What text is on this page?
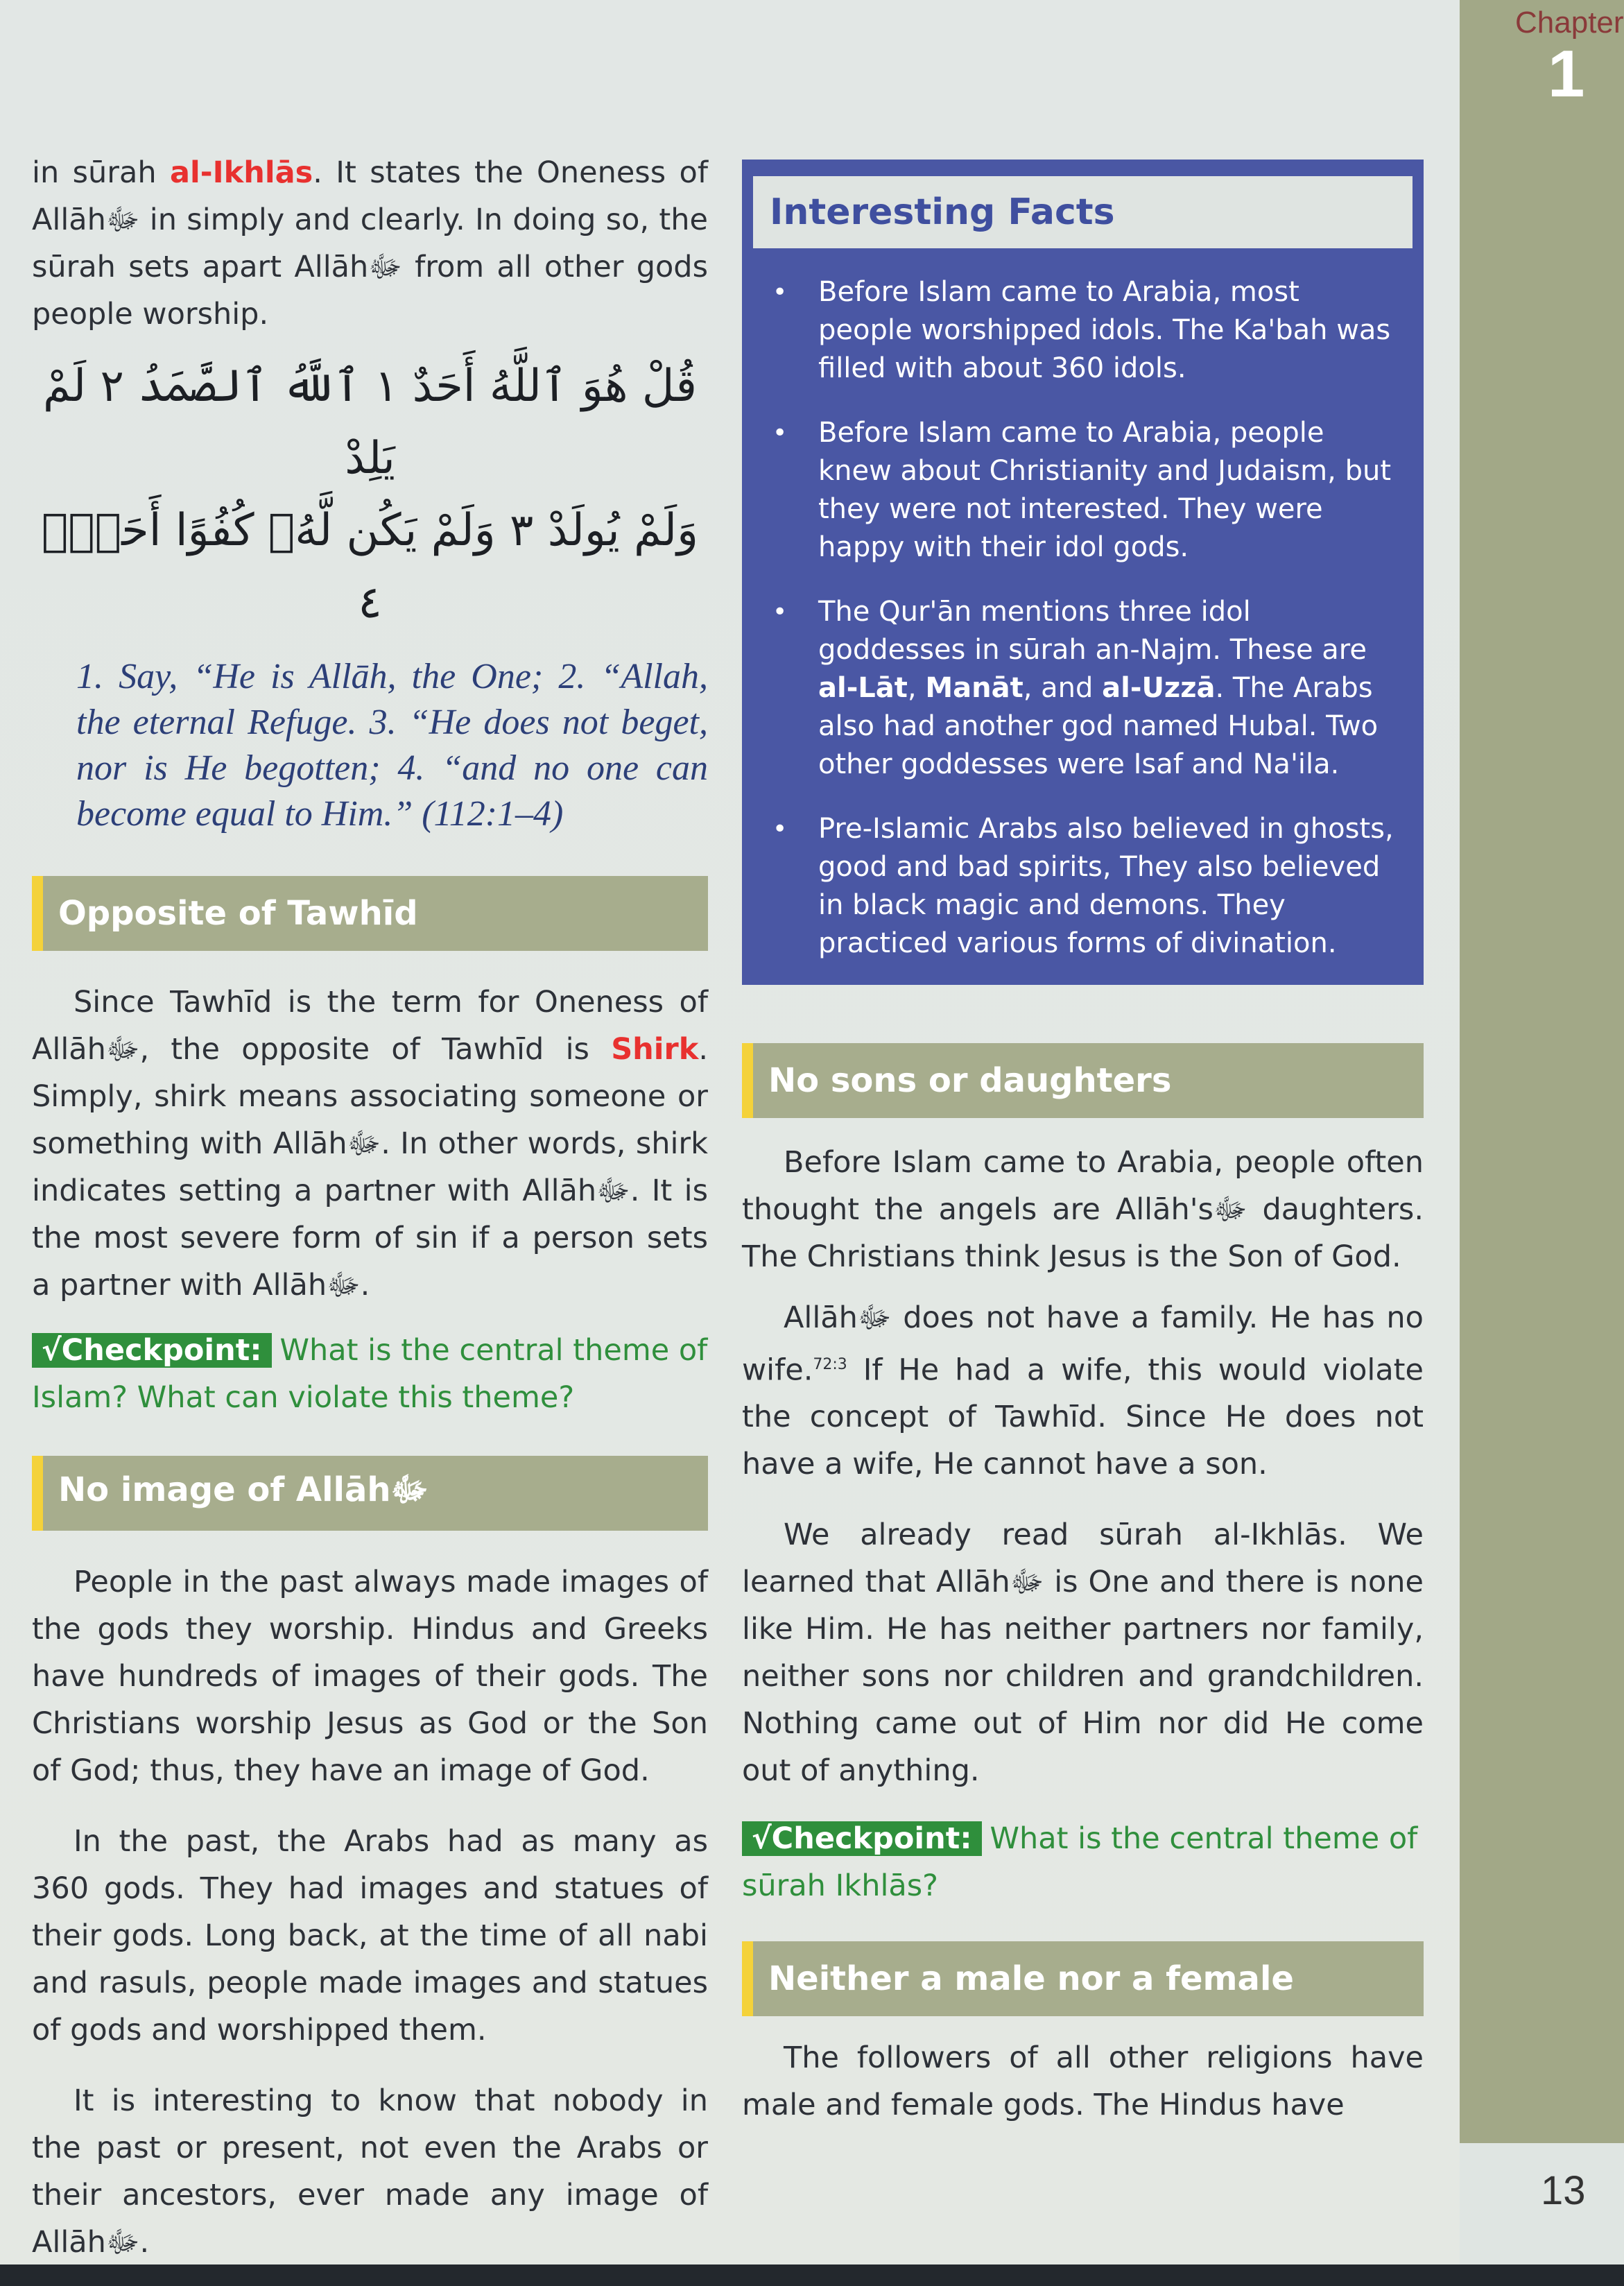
Chapter
1
13

in sūrah al-Ikhlās. It states the Oneness of Allāhﷻ in simply and clearly. In doing so, the sūrah sets apart Allāhﷻ from all other gods people worship.

قُلْ هُوَ ٱللَّهُ أَحَدٌ ١ ٱللَّهُ ٱلصَّمَدُ ٢ لَمْ يَلِدْ
وَلَمْ يُولَدْ ٣ وَلَمْ يَكُن لَّهُۥ كُفُوًا أَحَدٌۢ ٤
1. Say, “He is Allāh, the One; 2. “Allah, the eternal Refuge. 3. “He does not beget, nor is He begotten; 4. “and no one can become equal to Him.” (112:1–4)
Opposite of Tawhīd

Since Tawhīd is the term for Oneness of Allāhﷻ, the opposite of Tawhīd is Shirk. Simply, shirk means associating someone or something with Allāhﷻ. In other words, shirk indicates setting a partner with Allāhﷻ. It is the most severe form of sin if a person sets a partner with Allāhﷻ.

√Checkpoint: What is the central theme of Islam? What can violate this theme?

No image of Allāhﷻ

People in the past always made images of the gods they worship. Hindus and Greeks have hundreds of images of their gods. The Christians worship Jesus as God or the Son of God; thus, they have an image of God.

In the past, the Arabs had as many as 360 gods. They had images and statues of their gods. Long back, at the time of all nabi and rasuls, people made images and statues of gods and worshipped them.

It is interesting to know that nobody in the past or present, not even the Arabs or their ancestors, ever made any image of Allāhﷻ.

Interesting Facts
• Before Islam came to Arabia, most people worshipped idols. The Ka'bah was filled with about 360 idols.
• Before Islam came to Arabia, people knew about Christianity and Judaism, but they were not interested. They were happy with their idol gods.
• The Qur'ān mentions three idol goddesses in sūrah an-Najm. These are al-Lāt, Manāt, and al-Uzzā. The Arabs also had another god named Hubal. Two other goddesses were Isaf and Na'ila.
• Pre-Islamic Arabs also believed in ghosts, good and bad spirits, They also believed in black magic and demons. They practiced various forms of divination.
No sons or daughters

Before Islam came to Arabia, people often thought the angels are Allāh'sﷻ daughters. The Christians think Jesus is the Son of God.

Allāhﷻ does not have a family. He has no wife.$^{72:3}$ If He had a wife, this would violate the concept of Tawhīd. Since He does not have a wife, He cannot have a son.

We already read sūrah al-Ikhlās. We learned that Allāhﷻ is One and there is none like Him. He has neither partners nor family, neither sons nor children and grandchildren. Nothing came out of Him nor did He come out of anything.

√Checkpoint: What is the central theme of sūrah Ikhlās?

Neither a male nor a female

The followers of all other religions have male and female gods. The Hindus have
